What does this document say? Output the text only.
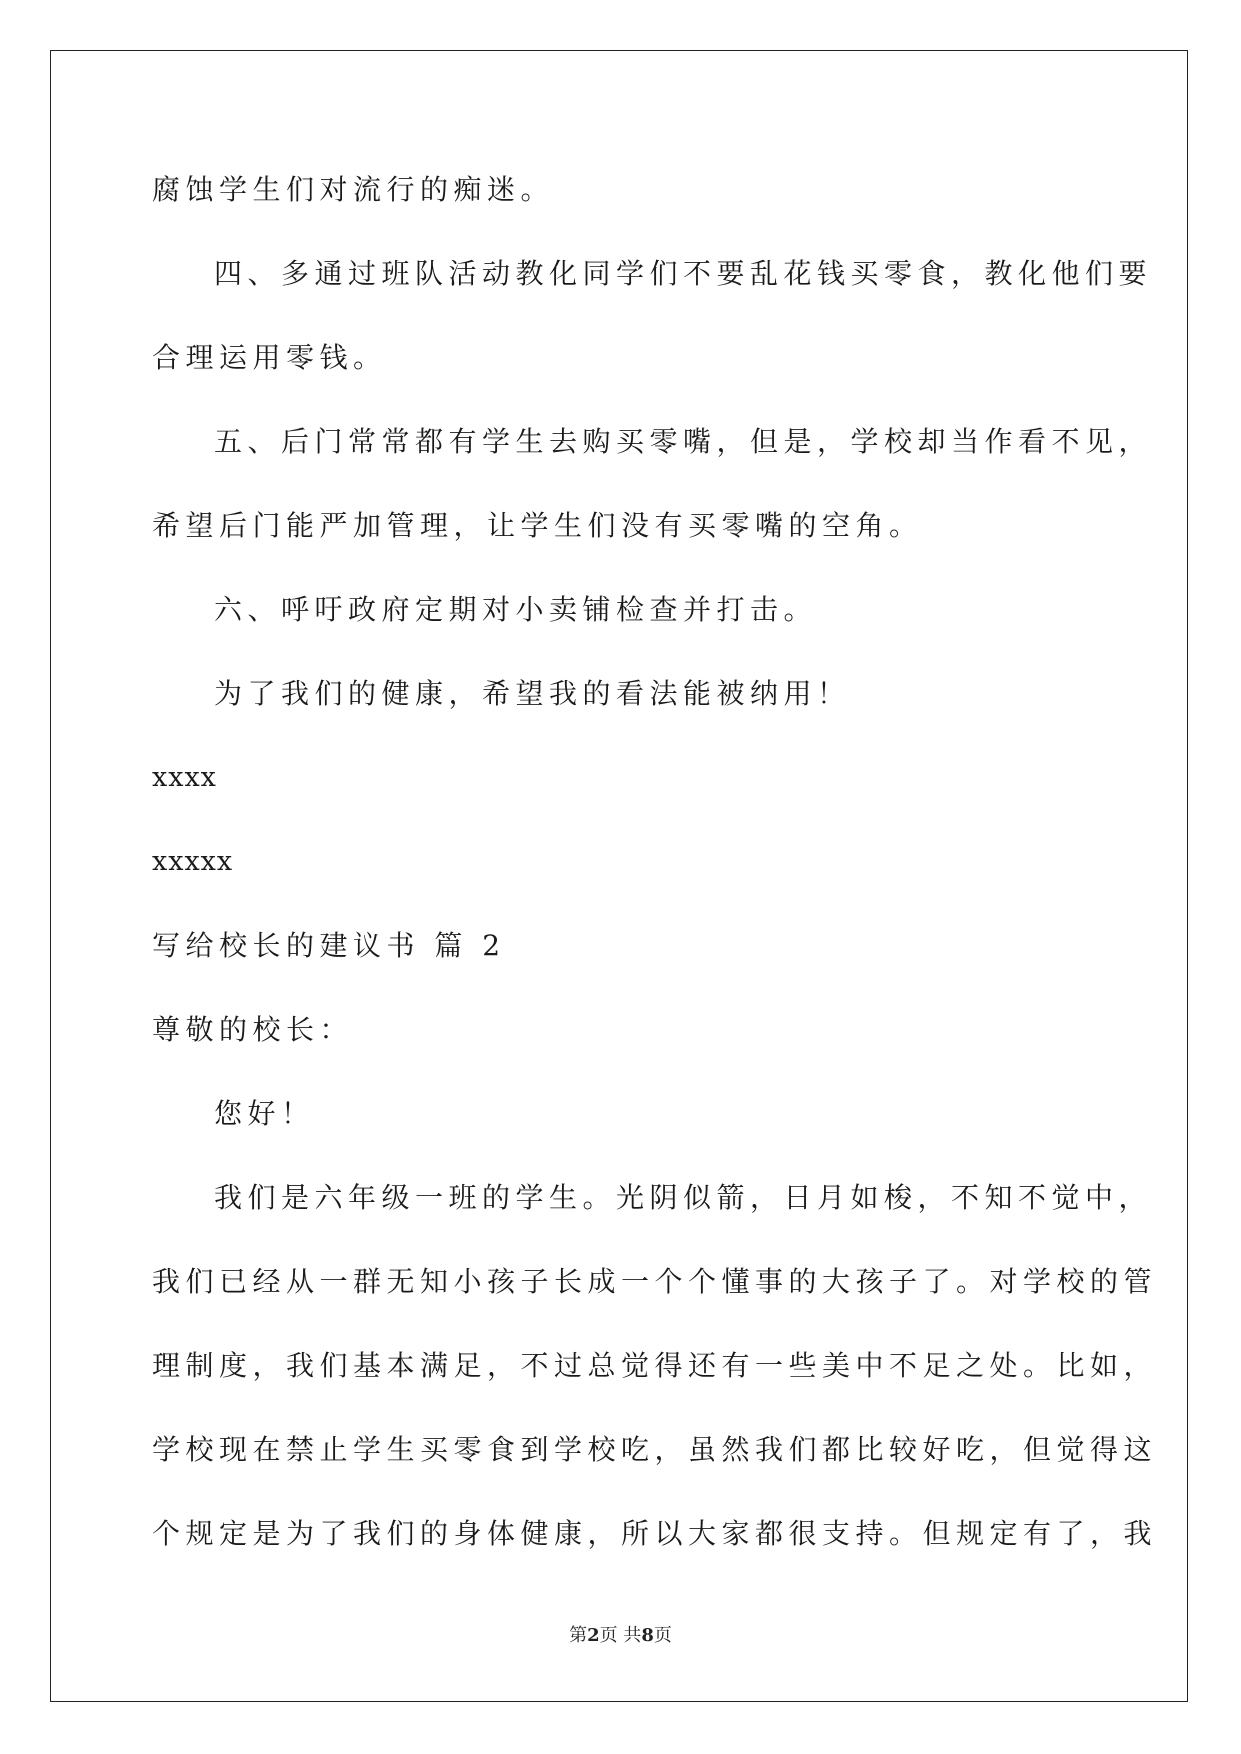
腐蚀学生们对流行的痴迷。
四、多通过班队活动教化同学们不要乱花钱买零食，教化他们要
合理运用零钱。
五、后门常常都有学生去购买零嘴，但是，学校却当作看不见，
希望后门能严加管理，让学生们没有买零嘴的空角。
六、呼吁政府定期对小卖铺检查并打击。
为了我们的健康，希望我的看法能被纳用！
xxxx
xxxxx
写给校长的建议书 篇 2
尊敬的校长：
您好！
我们是六年级一班的学生。光阴似箭，日月如梭，不知不觉中，
我们已经从一群无知小孩子长成一个个懂事的大孩子了。对学校的管
理制度，我们基本满足，不过总觉得还有一些美中不足之处。比如，
学校现在禁止学生买零食到学校吃，虽然我们都比较好吃，但觉得这
个规定是为了我们的身体健康，所以大家都很支持。但规定有了，我
第2页 共8页
